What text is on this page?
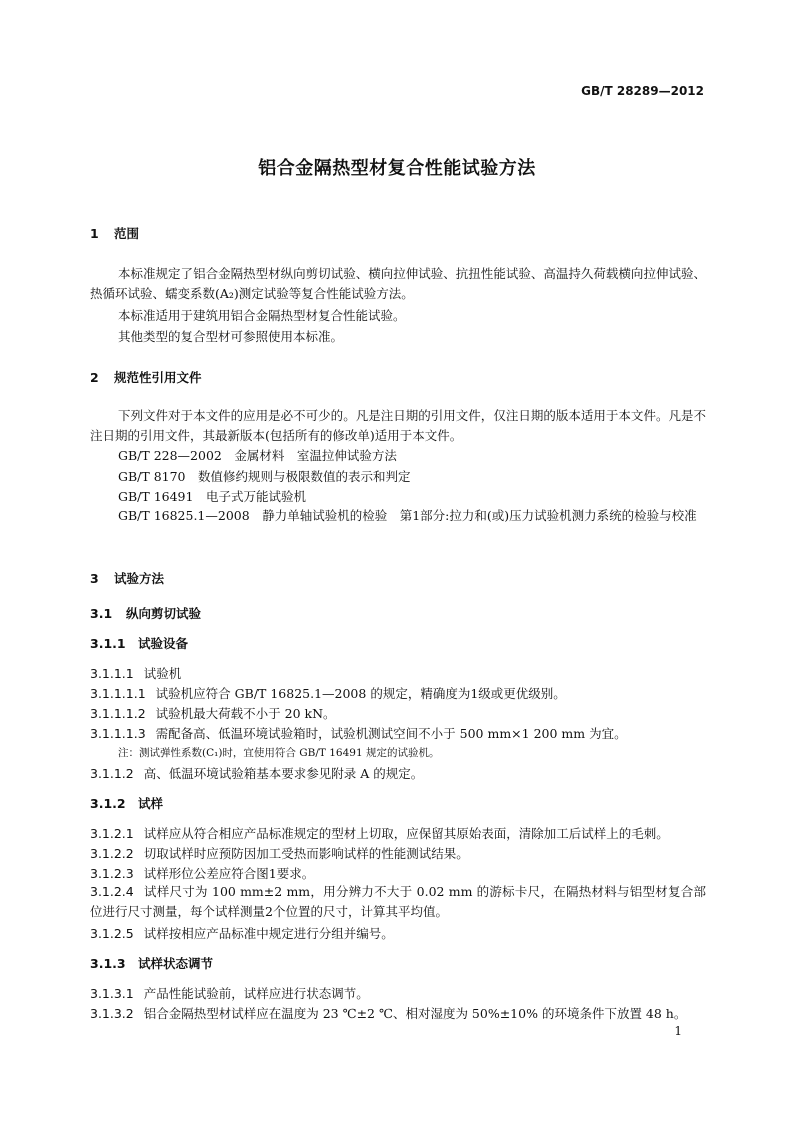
GB/T 28289—2012
铝合金隔热型材复合性能试验方法
1 范围
本标准规定了铝合金隔热型材纵向剪切试验、横向拉伸试验、抗扭性能试验、高温持久荷载横向拉伸试验、热循环试验、蠕变系数(A₂)测定试验等复合性能试验方法。
本标准适用于建筑用铝合金隔热型材复合性能试验。
其他类型的复合型材可参照使用本标准。
2 规范性引用文件
下列文件对于本文件的应用是必不可少的。凡是注日期的引用文件，仅注日期的版本适用于本文件。凡是不注日期的引用文件，其最新版本(包括所有的修改单)适用于本文件。
GB/T 228—2002　金属材料　室温拉伸试验方法
GB/T 8170　数值修约规则与极限数值的表示和判定
GB/T 16491　电子式万能试验机
GB/T 16825.1—2008　静力单轴试验机的检验　第1部分:拉力和(或)压力试验机测力系统的检验与校准
3 试验方法
3.1 纵向剪切试验
3.1.1 试验设备
3.1.1.1 试验机
3.1.1.1.1 试验机应符合 GB/T 16825.1—2008 的规定，精确度为1级或更优级别。
3.1.1.1.2 试验机最大荷载不小于 20 kN。
3.1.1.1.3 需配备高、低温环境试验箱时，试验机测试空间不小于 500 mm×1 200 mm 为宜。
注：测试弹性系数(C₁)时，宜使用符合 GB/T 16491 规定的试验机。
3.1.1.2 高、低温环境试验箱基本要求参见附录 A 的规定。
3.1.2 试样
3.1.2.1 试样应从符合相应产品标准规定的型材上切取，应保留其原始表面，清除加工后试样上的毛刺。
3.1.2.2 切取试样时应预防因加工受热而影响试样的性能测试结果。
3.1.2.3 试样形位公差应符合图1要求。
3.1.2.4 试样尺寸为 100 mm±2 mm，用分辨力不大于 0.02 mm 的游标卡尺，在隔热材料与铝型材复合部位进行尺寸测量，每个试样测量2个位置的尺寸，计算其平均值。
3.1.2.5 试样按相应产品标准中规定进行分组并编号。
3.1.3 试样状态调节
3.1.3.1 产品性能试验前，试样应进行状态调节。
3.1.3.2 铝合金隔热型材试样应在温度为 23 ℃±2 ℃、相对湿度为 50%±10% 的环境条件下放置 48 h。
1
